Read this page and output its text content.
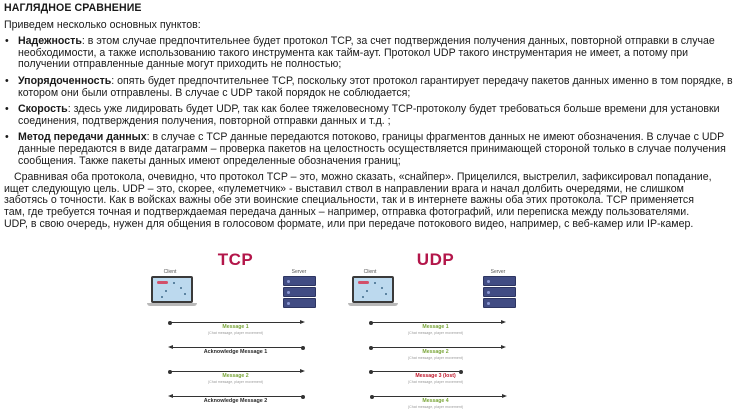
НАГЛЯДНОЕ СРАВНЕНИЕ
Приведем несколько основных пунктов:
• Надежность: в этом случае предпочтительнее будет протокол TCP, за счет подтверждения получения данных, повторной отправки в случае необходимости, а также использованию такого инструмента как тайм-аут. Протокол UDP такого инструментария не имеет, а потому при получении отправленные данные могут приходить не полностью;
• Упорядоченность: опять будет предпочтительнее TCP, поскольку этот протокол гарантирует передачу пакетов данных именно в том порядке, в котором они были отправлены. В случае с UDP такой порядок не соблюдается;
• Скорость: здесь уже лидировать будет UDP, так как более тяжеловесному TCP-протоколу будет требоваться больше времени для установки соединения, подтверждения получения, повторной отправки данных и т.д. ;
• Метод передачи данных: в случае с TCP данные передаются потоково, границы фрагментов данных не имеют обозначения. В случае с UDP данные передаются в виде датаграмм – проверка пакетов на целостность осуществляется принимающей стороной только в случае получения сообщения. Также пакеты данных имеют определенные обозначения границ;

Сравнивая оба протокола, очевидно, что протокол TCP – это, можно сказать, «снайпер». Прицелился, выстрелил, зафиксировал попадание, ищет следующую цель. UDP – это, скорее, «пулеметчик» - выставил ствол в направлении врага и начал долбить очередями, не слишком заботясь о точности. Как в войсках важны обе эти воинские специальности, так и в интернете важны оба этих протокола. TCP применяется там, где требуется точная и подтверждаемая передача данных – например, отправка фотографий, или переписка между пользователями. UDP, в свою очередь, нужен для общения в голосовом формате, или при передаче потокового видео, например, с веб-камер или IP-камер.

TCP
Client	Server
Message 1
(Chat message, player movement)
Acknowledge Message 1
Message 2
(Chat message, player movement)
Acknowledge Message 2
UDP
Client	Server
Message 1
(Chat message, player movement)
Message 2
(Chat message, player movement)
Message 3 (lost)
(Chat message, player movement)
Message 4
(Chat message, player movement)
